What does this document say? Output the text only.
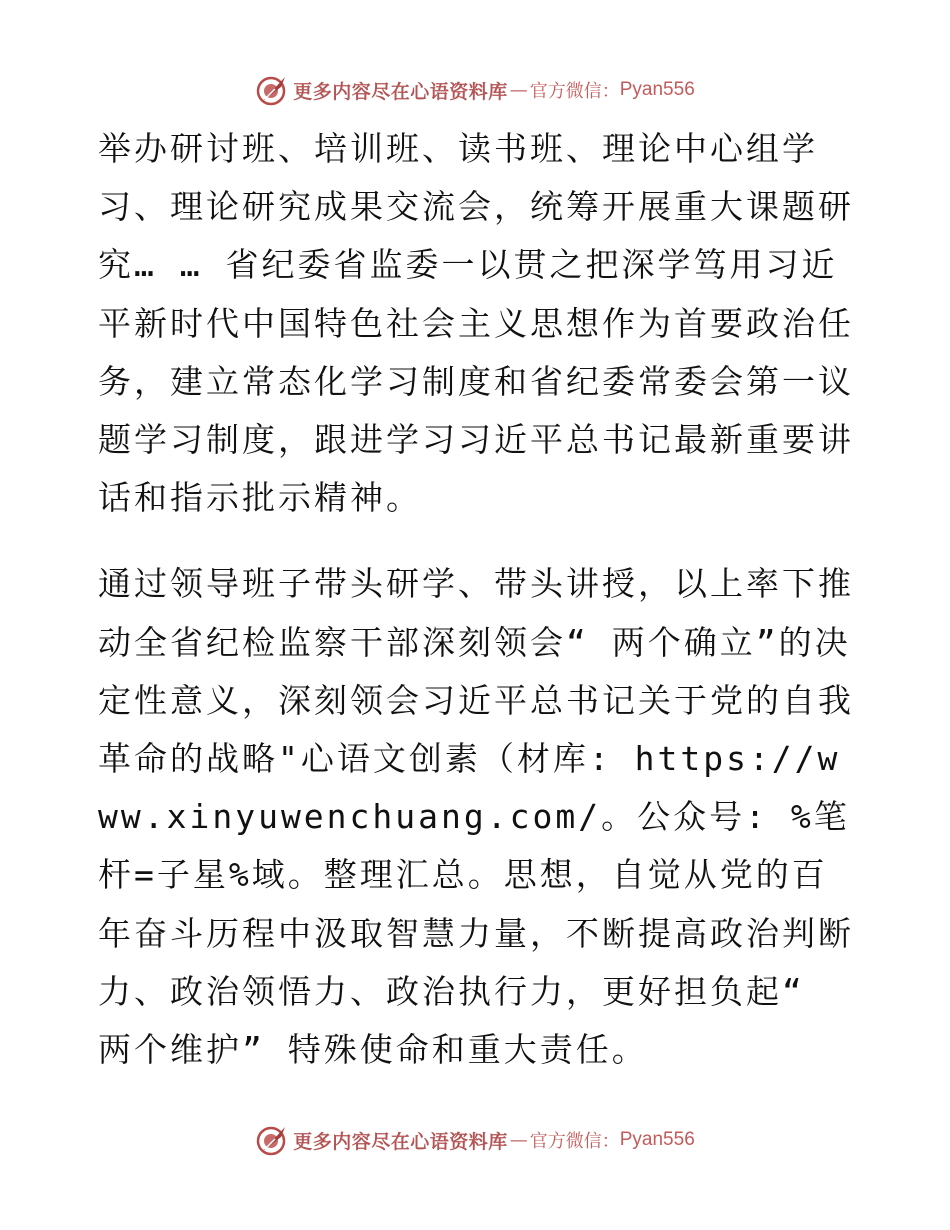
更多内容尽在心语资料库 — 官方微信： Pyan556

举办研讨班、培训班、读书班、理论中心组学习、理论研究成果交流会，统筹开展重大课题研究… … 省纪委省监委一以贯之把深学笃用习近平新时代中国特色社会主义思想作为首要政治任务，建立常态化学习制度和省纪委常委会第一议题学习制度，跟进学习习近平总书记最新重要讲话和指示批示精神。

通过领导班子带头研学、带头讲授，以上率下推动全省纪检监察干部深刻领会“ 两个确立”的决定性意义，深刻领会习近平总书记关于党的自我革命的战略"心语文创素（材库: https://www.xinyuwenchuang.com/。公众号: %笔杆=子星%域。整理汇总。思想，自觉从党的百年奋斗历程中汲取智慧力量，不断提高政治判断力、政治领悟力、政治执行力，更好担负起“ 两个维护” 特殊使命和重大责任。

更多内容尽在心语资料库 — 官方微信： Pyan556
